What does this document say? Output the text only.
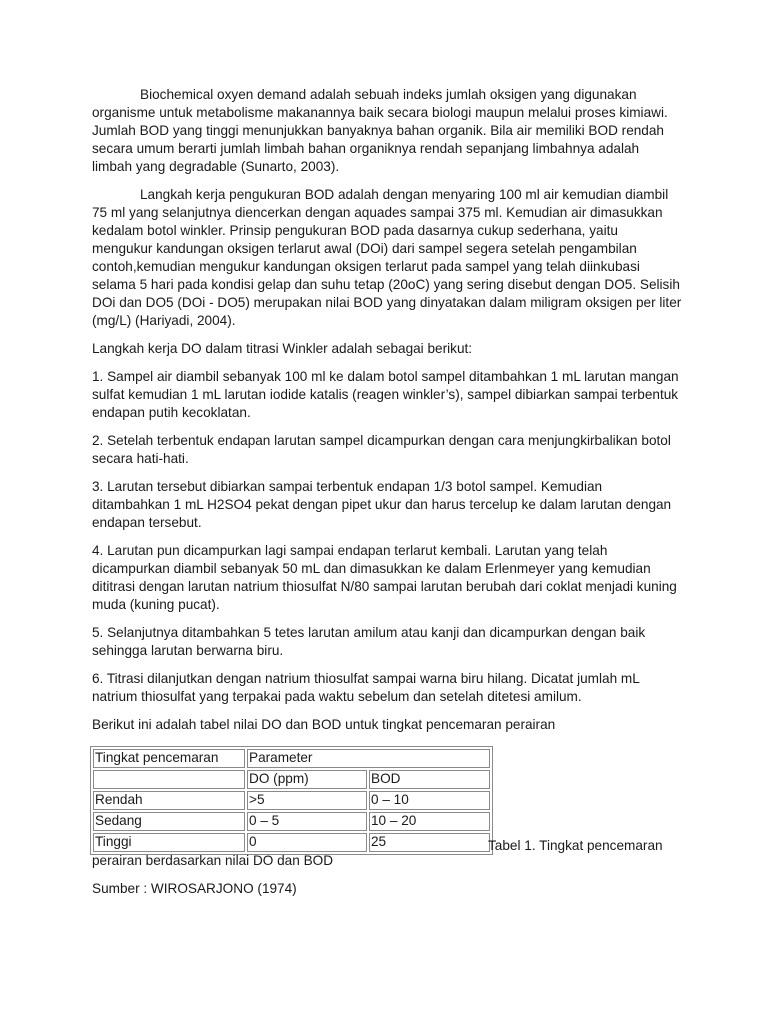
Biochemical oxyen demand adalah sebuah indeks jumlah oksigen yang digunakan organisme untuk metabolisme makanannya baik secara biologi maupun melalui proses kimiawi. Jumlah BOD yang tinggi menunjukkan banyaknya bahan organik. Bila air memiliki BOD rendah secara umum berarti jumlah limbah bahan organiknya rendah sepanjang limbahnya adalah limbah yang degradable (Sunarto, 2003).

Langkah kerja pengukuran BOD adalah dengan menyaring 100 ml air kemudian diambil 75 ml yang selanjutnya diencerkan dengan aquades sampai 375 ml. Kemudian air dimasukkan kedalam botol winkler. Prinsip pengukuran BOD pada dasarnya cukup sederhana, yaitu mengukur kandungan oksigen terlarut awal (DOi) dari sampel segera setelah pengambilan contoh,kemudian mengukur kandungan oksigen terlarut pada sampel yang telah diinkubasi selama 5 hari pada kondisi gelap dan suhu tetap (20oC) yang sering disebut dengan DO5. Selisih DOi dan DO5 (DOi - DO5) merupakan nilai BOD yang dinyatakan dalam miligram oksigen per liter (mg/L) (Hariyadi, 2004).

Langkah kerja DO dalam titrasi Winkler adalah sebagai berikut:

1. Sampel air diambil sebanyak 100 ml ke dalam botol sampel ditambahkan 1 mL larutan mangan sulfat kemudian 1 mL larutan iodide katalis (reagen winkler’s), sampel dibiarkan sampai terbentuk endapan putih kecoklatan.

2. Setelah terbentuk endapan larutan sampel dicampurkan dengan cara menjungkirbalikan botol secara hati-hati.

3. Larutan tersebut dibiarkan sampai terbentuk endapan 1/3 botol sampel. Kemudian ditambahkan 1 mL H2SO4 pekat dengan pipet ukur dan harus tercelup ke dalam larutan dengan endapan tersebut.

4. Larutan pun dicampurkan lagi sampai endapan terlarut kembali. Larutan yang telah dicampurkan diambil sebanyak 50 mL dan dimasukkan ke dalam Erlenmeyer yang kemudian dititrasi dengan larutan natrium thiosulfat N/80 sampai larutan berubah dari coklat menjadi kuning muda (kuning pucat).

5. Selanjutnya ditambahkan 5 tetes larutan amilum atau kanji dan dicampurkan dengan baik sehingga larutan berwarna biru.

6. Titrasi dilanjutkan dengan natrium thiosulfat sampai warna biru hilang. Dicatat jumlah mL natrium thiosulfat yang terpakai pada waktu sebelum dan setelah ditetesi amilum.

Berikut ini adalah tabel nilai DO dan BOD untuk tingkat pencemaran perairan

Tingkat pencemaran	Parameter	
	DO (ppm)	BOD
Rendah	>5	0 – 10
Sedang	0 – 5	10 – 20
Tinggi	0	25	Tabel 1. Tingkat pencemaran

perairan berdasarkan nilai DO dan BOD

Sumber : WIROSARJONO (1974)
